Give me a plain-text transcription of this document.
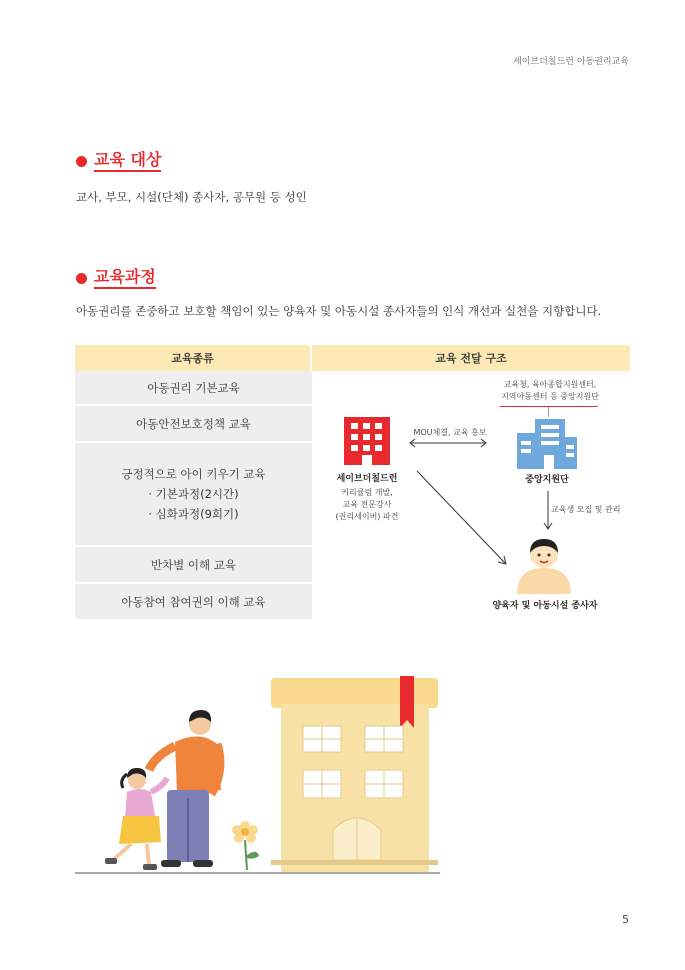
세이브더칠드런 아동권리교육
교육 대상
교사, 부모, 시설(단체) 종사자, 공무원 등 성인
교육과정
아동권리를 존중하고 보호할 책임이 있는 양육자 및 아동시설 종사자들의 인식 개선과 실천을 지향합니다.
교육종류	교육 전달 구조
아동권리 기본교육
아동안전보호정책 교육
긍정적으로 아이 키우기 교육
· 기본과정(2시간)
· 심화과정(9회기)
반차별 이해 교육
아동참여 참여권의 이해 교육
교육청, 육아종합지원센터,
지역아동센터 등 중앙지원단
세이브더칠드런
커리큘럼 개발,
교육 전문강사
(권리세이버) 파견
MOU체결, 교육 홍보
중앙지원단
교육생 모집 및 관리
양육자 및 아동시설 종사자
5
